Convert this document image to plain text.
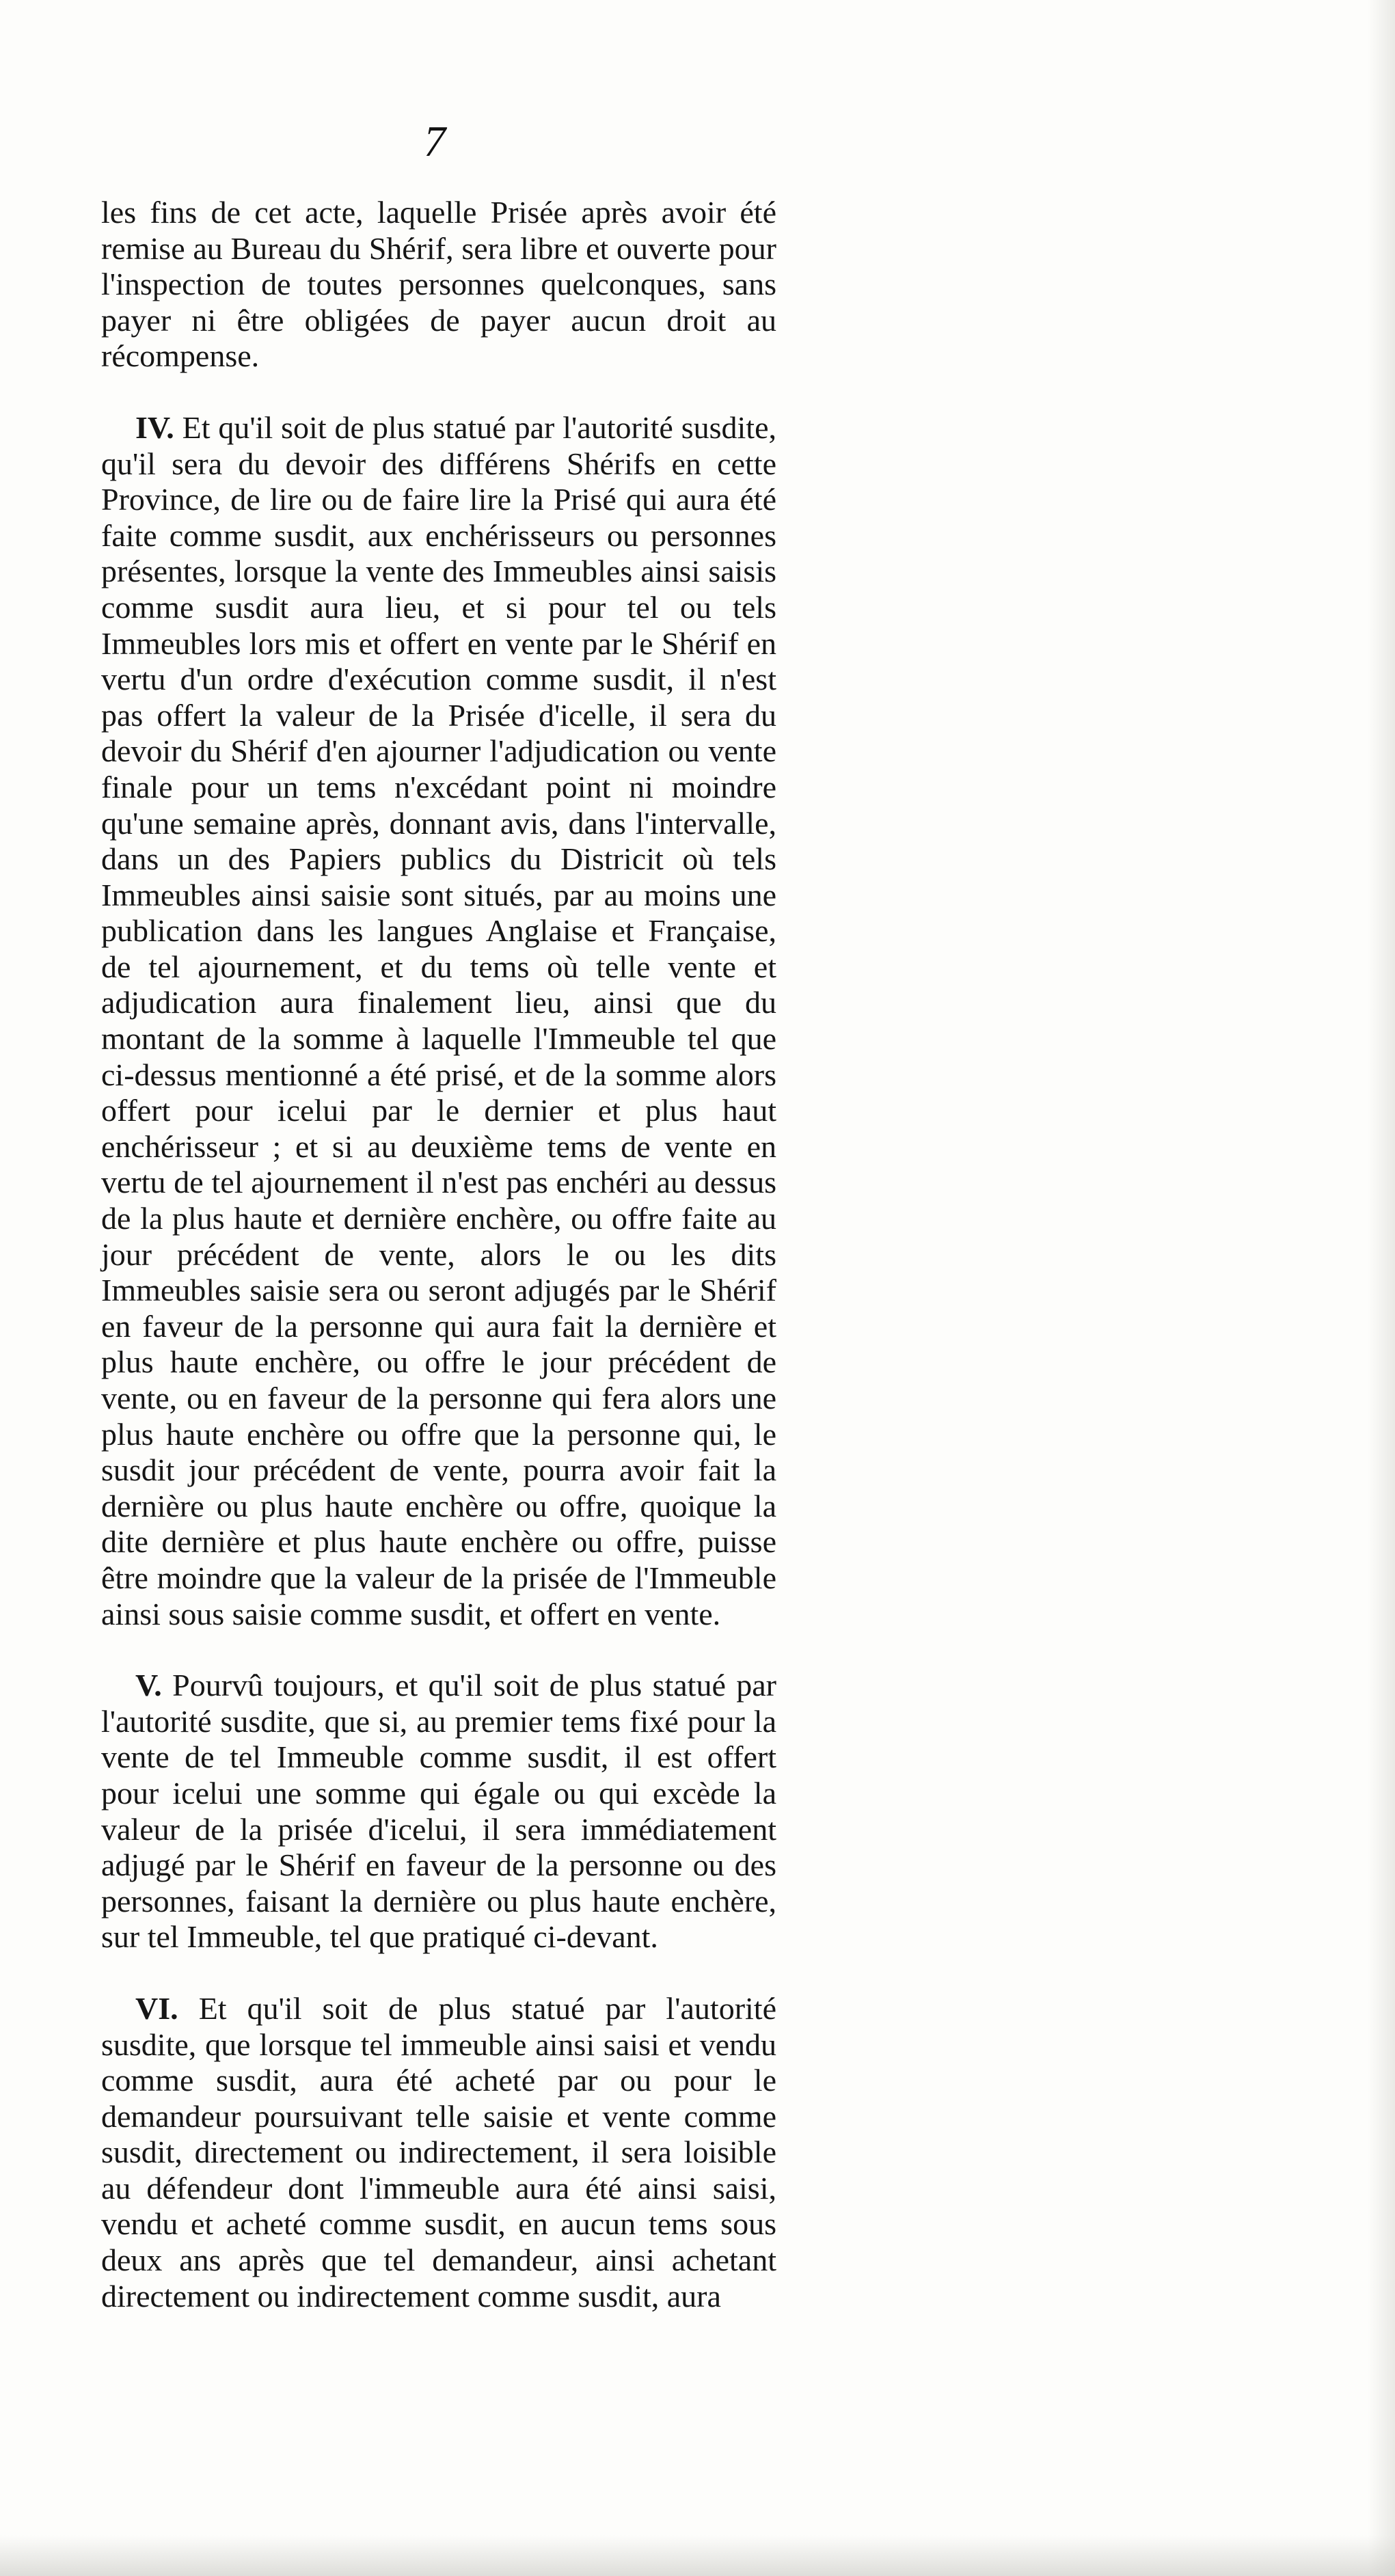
7

les fins de cet acte, laquelle Prisée après avoir été remise au Bureau du Shérif, sera libre et ouverte pour l'inspection de toutes personnes quelconques, sans payer ni être obligées de payer aucun droit au récompense.

IV. Et qu'il soit de plus statué par l'autorité susdite, qu'il sera du devoir des différens Shérifs en cette Province, de lire ou de faire lire la Prisé qui aura été faite comme susdit, aux enchérisseurs ou personnes présentes, lorsque la vente des Immeubles ainsi saisis comme susdit aura lieu, et si pour tel ou tels Immeubles lors mis et offert en vente par le Shérif en vertu d'un ordre d'exécution comme susdit, il n'est pas offert la valeur de la Prisée d'icelle, il sera du devoir du Shérif d'en ajourner l'adjudication ou vente finale pour un tems n'excédant point ni moindre qu'une semaine après, donnant avis, dans l'intervalle, dans un des Papiers publics du Districit où tels Immeubles ainsi saisie sont situés, par au moins une publication dans les langues Anglaise et Française, de tel ajournement, et du tems où telle vente et adjudication aura finalement lieu, ainsi que du montant de la somme à laquelle l'Immeuble tel que ci-dessus mentionné a été prisé, et de la somme alors offert pour icelui par le dernier et plus haut enchérisseur ; et si au deuxième tems de vente en vertu de tel ajournement il n'est pas enchéri au dessus de la plus haute et dernière enchère, ou offre faite au jour précédent de vente, alors le ou les dits Immeubles saisie sera ou seront adjugés par le Shérif en faveur de la personne qui aura fait la dernière et plus haute enchère, ou offre le jour précédent de vente, ou en faveur de la personne qui fera alors une plus haute enchère ou offre que la personne qui, le susdit jour précédent de vente, pourra avoir fait la dernière ou plus haute enchère ou offre, quoique la dite dernière et plus haute enchère ou offre, puisse être moindre que la valeur de la prisée de l'Immeuble ainsi sous saisie comme susdit, et offert en vente.

V. Pourvû toujours, et qu'il soit de plus statué par l'autorité susdite, que si, au premier tems fixé pour la vente de tel Immeuble comme susdit, il est offert pour icelui une somme qui égale ou qui excède la valeur de la prisée d'icelui, il sera immédiatement adjugé par le Shérif en faveur de la personne ou des personnes, faisant la dernière ou plus haute enchère, sur tel Immeuble, tel que pratiqué ci-devant.

VI. Et qu'il soit de plus statué par l'autorité susdite, que lorsque tel immeuble ainsi saisi et vendu comme susdit, aura été acheté par ou pour le demandeur poursuivant telle saisie et vente comme susdit, directement ou indirectement, il sera loisible au défendeur dont l'immeuble aura été ainsi saisi, vendu et acheté comme susdit, en aucun tems sous deux ans après que tel demandeur, ainsi achetant directement ou indirectement comme susdit, aura
